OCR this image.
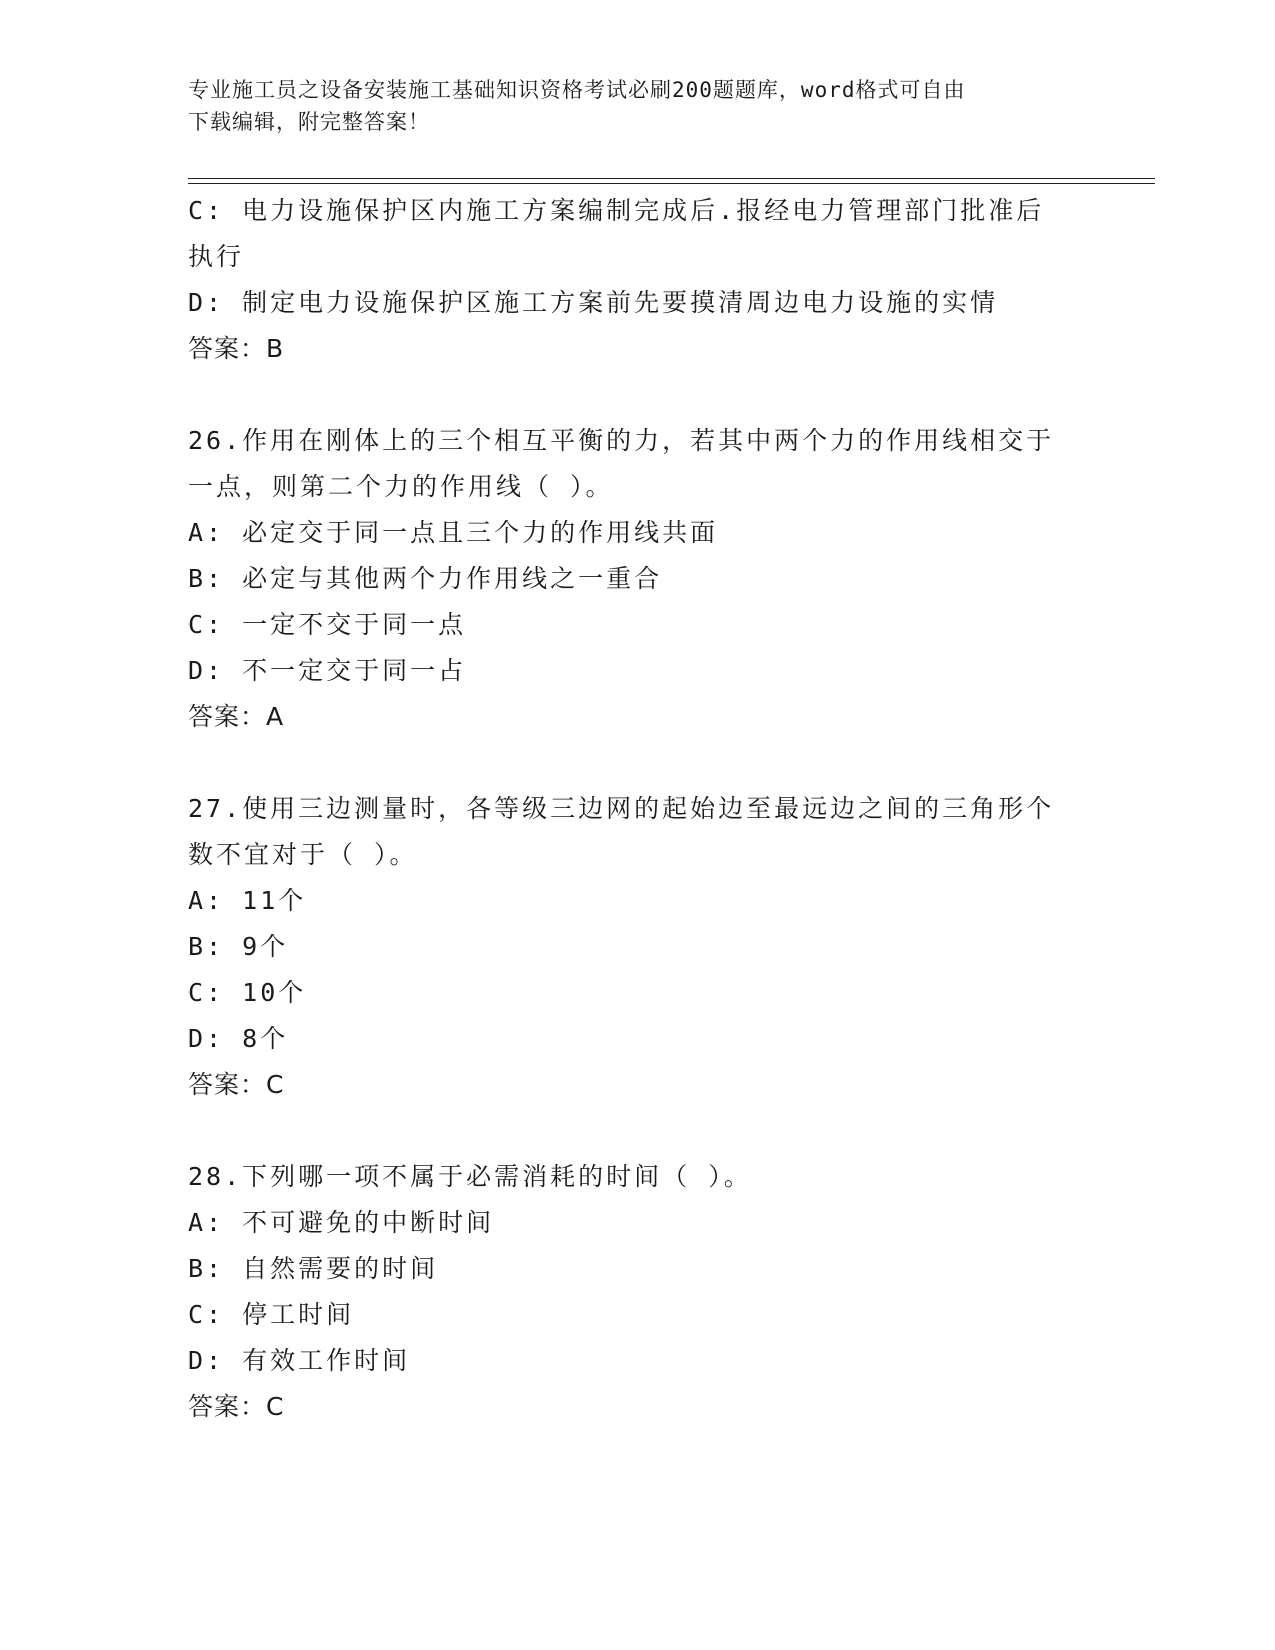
专业施工员之设备安装施工基础知识资格考试必刷200题题库，word格式可自由
下载编辑，附完整答案！
C: 电力设施保护区内施工方案编制完成后.报经电力管理部门批准后
执行
D: 制定电力设施保护区施工方案前先要摸清周边电力设施的实情
答案：B
26.作用在刚体上的三个相互平衡的力，若其中两个力的作用线相交于
一点，则第二个力的作用线（ ）。
A: 必定交于同一点且三个力的作用线共面
B: 必定与其他两个力作用线之一重合
C: 一定不交于同一点
D: 不一定交于同一占
答案：A
27.使用三边测量时，各等级三边网的起始边至最远边之间的三角形个
数不宜对于（ ）。
A: 11个
B: 9个
C: 10个
D: 8个
答案：C
28.下列哪一项不属于必需消耗的时间（ ）。
A: 不可避免的中断时间
B: 自然需要的时间
C: 停工时间
D: 有效工作时间
答案：C
